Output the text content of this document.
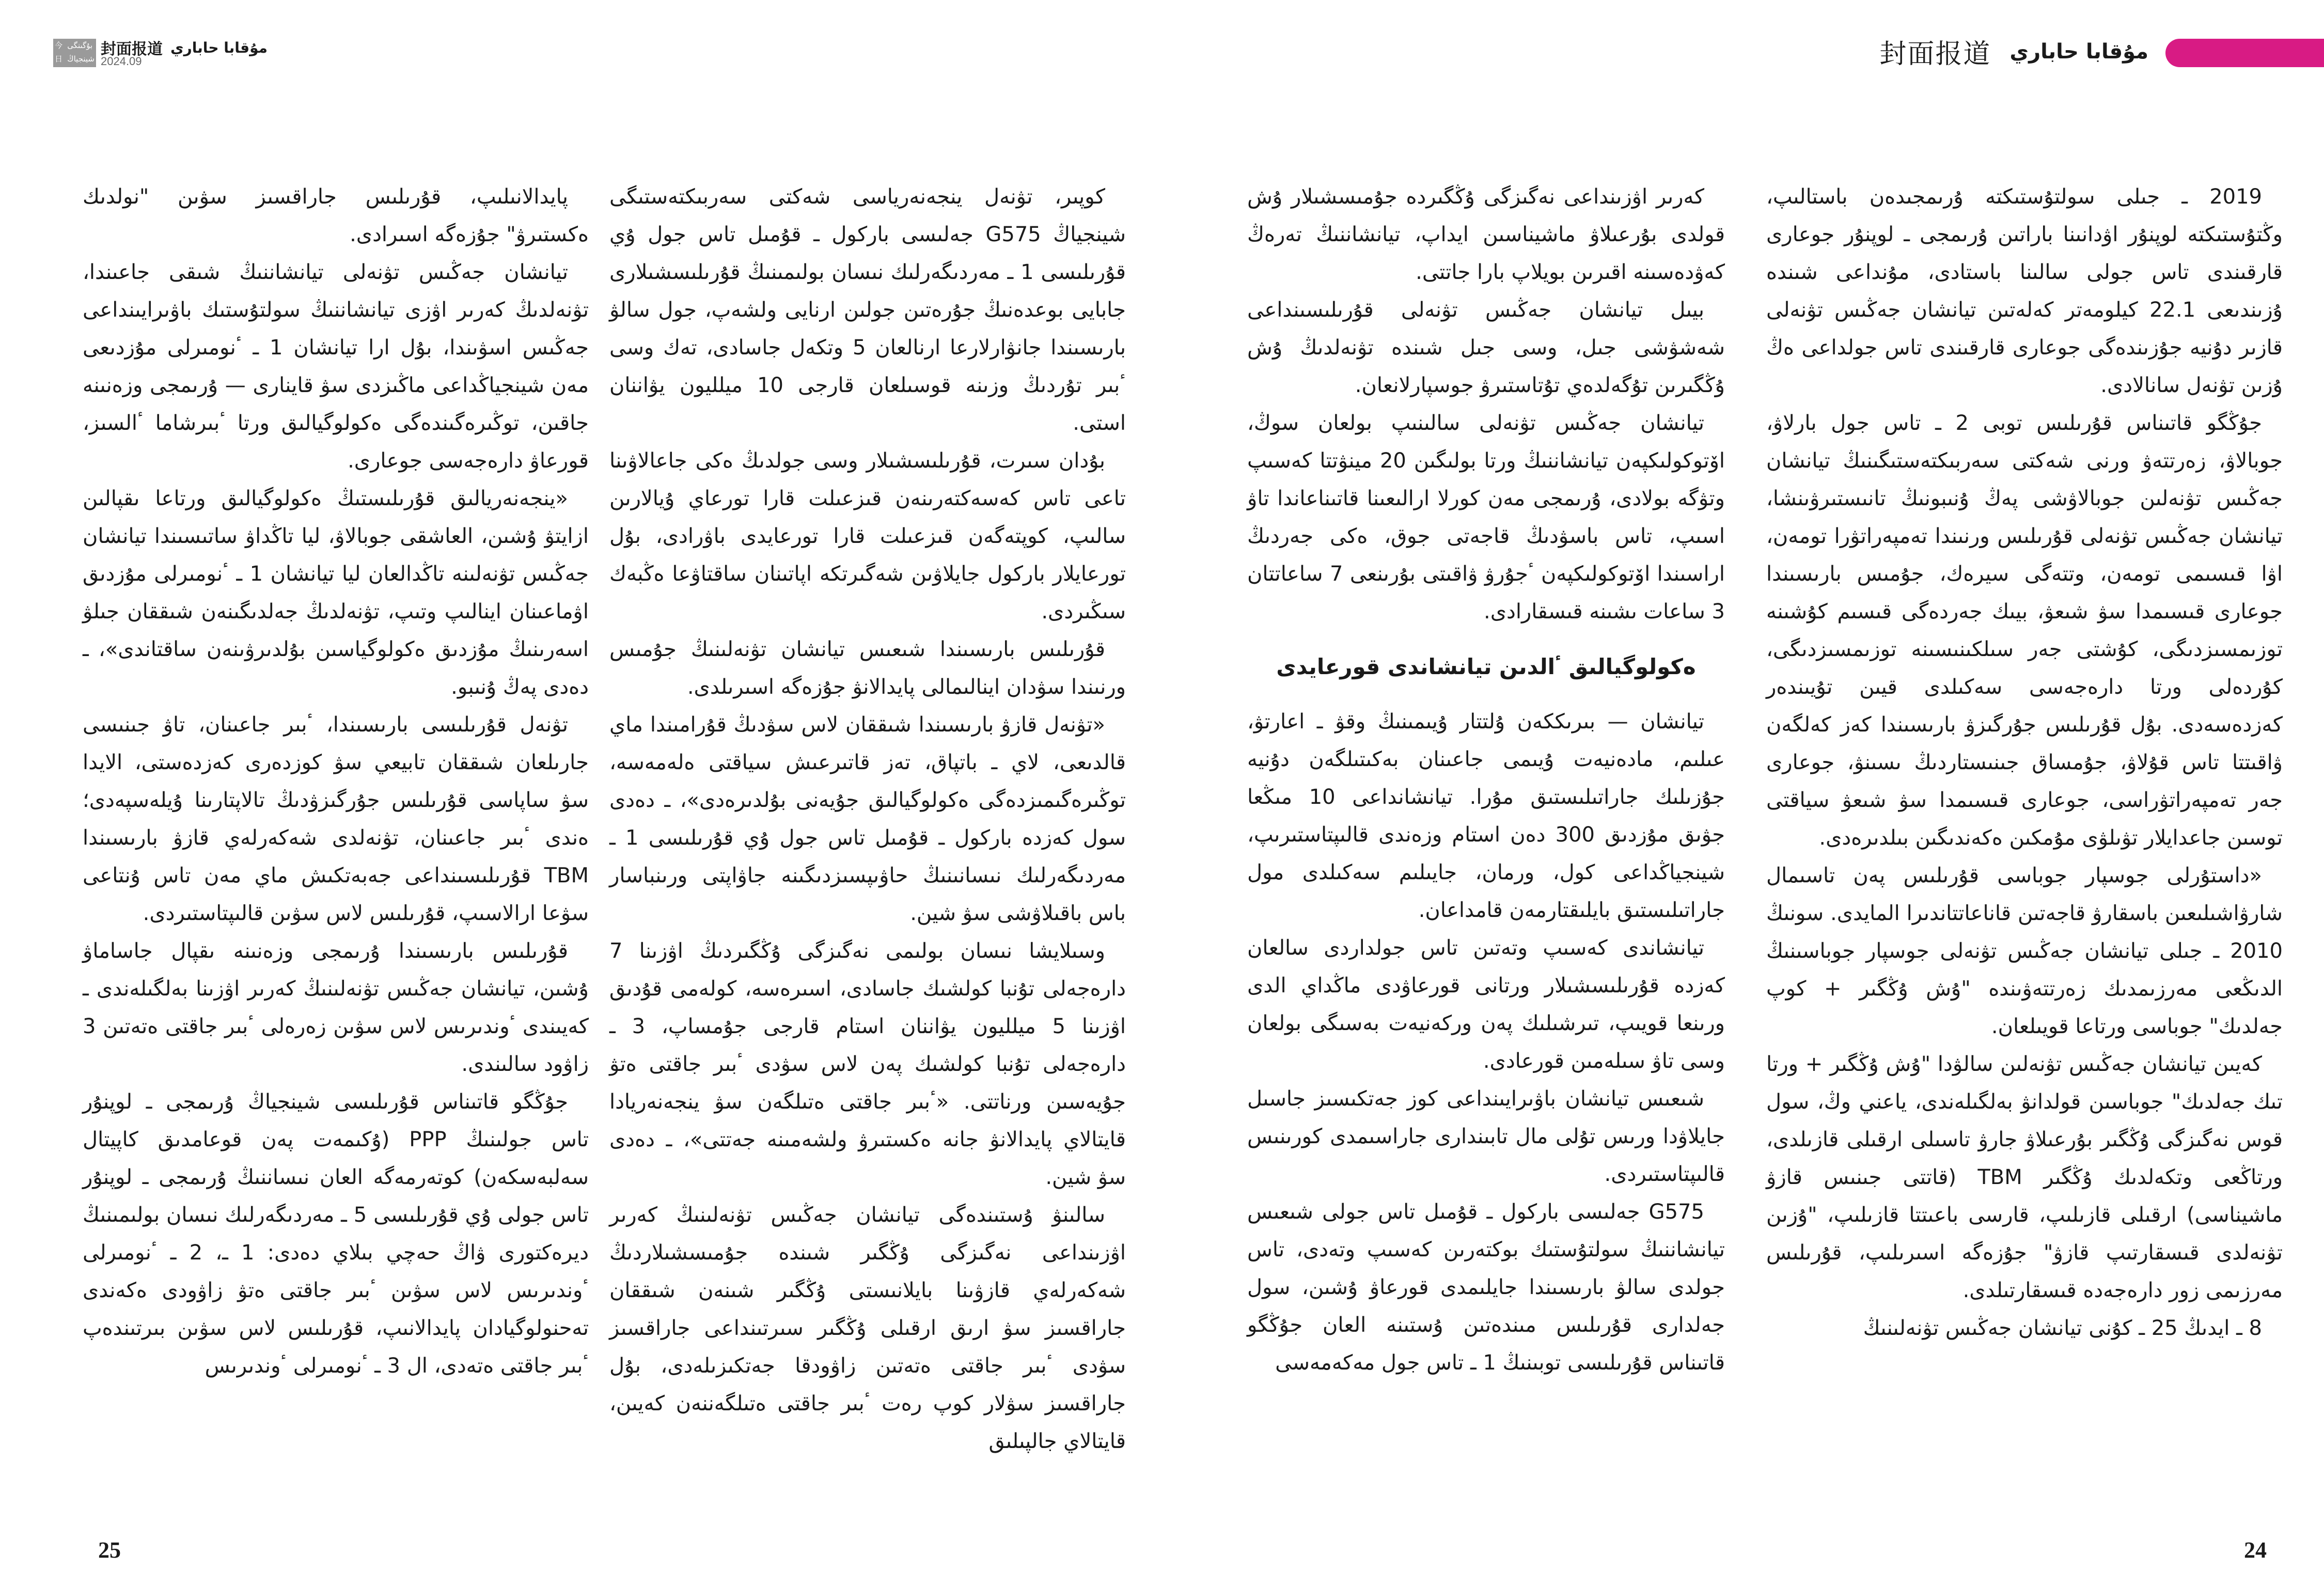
今日新疆
بۇگىنگى شينجياڭ
封面报道
2024.09
مۇقابا حاباري	封面报道 مۇقابا حاباري

2019 ـ جىلى سولتۇستىكتە ۇرىمجىدەن باستالىپ، وڭتۇستىكتە لوپنۇر اۋدانىنا باراتىن ۇرىمجى ـ لوپنۇر جوعارى قارقىندى تاس جولى سالىنا باستادى، مۇنداعى شىندە ۇزىندىعى 22.1 كيلومەتر كەلەتىن تيانشان جەڭىس تۋنەلى قازىر دۇنيە جۇزىندەگى جوعارى قارقىندى تاس جولداعى ەڭ ۇزىن تۋنەل سانالادى.

جۇڭگو قاتىناس قۇرىلىس توبى 2 ـ تاس جول بارلاۋ، جوبالاۋ، زەرتتەۋ ورنى شەكتى سەربىكتەستىگىنىڭ تيانشان جەڭىس تۋنەلىن جوبالاۋشى پەڭ ۇنىبونىڭ تانىستىرۋىنشا، تيانشان جەڭىس تۋنەلى قۇرىلىس ورنىندا تەمپەراتۋرا تومەن، اۋا قىسىمى تومەن، وتتەگى سيرەك، جۇمىس بارىسىندا جوعارى قىسىمدا سۋ شىعۋ، بيىك جەردەگى قىسىم كۇشىنە توزىمسىزدىگى، كۇشتى جەر سىلكىنىسىنە توزىمسىزدىگى، كۇردەلى ورتا دارەجەسى سەكىلدى قيىن تۇيىندەر كەزدەسەدى. بۇل قۇرىلىس جۇرگىزۋ بارىسىندا كەز كەلگەن ۋاقىتتا تاس قۇلاۋ، جۇمساق جىنىستاردىڭ ىسىنۋ، جوعارى جەر تەمپەراتۋراسى، جوعارى قىسىمدا سۋ شىعۋ سياقتى توسىن جاعدايلار تۋىلۋى مۇمكىن ەكەندىگىن بىلدىرەدى.

«داستۇرلى جوسپار جوباسى قۇرىلىس پەن تاسىمال شارۋاشىلىعىن باسقارۋ قاجەتىن قاناعاتتاندىرا المايدى. سونىڭ 2010 ـ جىلى تيانشان جەڭىس تۋنەلى جوسپار جوباسىنىڭ الدىڭعى مەرزىمدىك زەرتتەۋىندە "ۇش ۇڭگىر + كوپ جەلدىك" جوباسى ورتاعا قويىلعان.

كەيىن تيانشان جەڭىس تۋنەلىن سالۋدا "ۇش ۇڭگىر + ورتا تىك جەلدىك" جوباسىن قولدانۋ بەلگىلەندى، ياعني وڭ، سول قوس نەگىزگى ۇڭگىر بۇرعىلاۋ جارۋ تاسىلى ارقىلى قازىلدى، ورتاڭعى وتكەلدىك ۇڭگىر TBM (قاتتى جىنىس قازۋ ماشيناسى) ارقىلى قازىلىپ، قارسى باعىتتا قازىلىپ، "ۇزىن تۋنەلدى قىسقارتىپ قازۋ" جۇزەگە اسىرىلىپ، قۇرىلىس مەرزىمى زور دارەجەدە قىسقارتىلدى.

8 ـ ايدىڭ 25 ـ كۇنى تيانشان جەڭىس تۋنەلىنىڭ

كەرىر اۋزىنداعى نەگىزگى ۇڭگىردە جۇمىسشىلار ۇش قولدى بۇرعىلاۋ ماشيناسىن ايداپ، تيانشاننىڭ تەرەڭ كەۋدەسىنە اقىرىن بويلاپ بارا جاتتى.

بيىل تيانشان جەڭىس تۋنەلى قۇرىلىسىنداعى شەشۋشى جىل، وسى جىل شىندە تۋنەلدىڭ ۇش ۇڭگىرىن تۇگەلدەي تۇتاستىرۋ جوسپارلانعان.

تيانشان جەڭىس تۋنەلى سالىنىپ بولعان سوڭ، اۆتوكولىكپەن تيانشاننىڭ ورتا بولىگىن 20 مينۋتتا كەسىپ وتۋگە بولادى، ۇرىمجى مەن كورلا ارالىعىنا قاتىناعاندا تاۋ اسىپ، تاس باسۋدىڭ قاجەتى جوق، ەكى جەردىڭ اراسىندا اۆتوكولىكپەن ٴجۇرۋ ۋاقىتى بۇرىنعى 7 ساعاتتان 3 ساعات ىشىنە قىسقارادى.

ەكولوگيالىق ٴالدىن تيانشاندى قورعايدى

تيانشان — بىرىككەن ۇلتتار ۇيىمىنىڭ وقۋ ـ اعارتۋ، عىلىم، مادەنيەت ۇيىمى جاعىنان بەكىتىلگەن دۇنيە جۇزىلىك جاراتىلىستىق مۇرا. تيانشانداعى 10 مىڭعا جۋىق مۇزدىق 300 دەن استام وزەندى قالىپتاستىرىپ، شينجياڭداعى كول، ورمان، جايىلىم سەكىلدى مول جاراتىلىستىق بايلىقتارمەن قامداعان.

تيانشاندى كەسىپ وتەتىن تاس جولداردى سالعان كەزدە قۇرىلىسشىلار ورتانى قورعاۋدى ماڭداي الدى ورىنعا قويىپ، تىرشىلىك پەن وركەنيەت بەسىگى بولعان وسى تاۋ سىلەمىن قورعادى.

شىعىس تيانشان باۋىرايىنداعى كوز جەتكىسىز جاسىل جايلاۋدا ورىس تۇلى مال تابىندارى جاراسىمدى كورىنىس قالىپتاستىردى.

G575 جەلىسى باركول ـ قۇمىل تاس جولى شىعىس تيانشاننىڭ سولتۇستىك بوكتەرىن كەسىپ وتەدى، تاس جولدى سالۋ بارىسىندا جايلىمدى قورعاۋ ۇشىن، سول جەلدارى قۇرىلىس مىندەتىن ۇستىنە العان جۇڭگو قاتىناس قۇرىلىسى توبىنىڭ 1 ـ تاس جول مەكەمەسى

كوپىر، تۋنەل ينجەنەرياسى شەكتى سەربىكتەستىگى شينجياڭ G575 جەلىسى باركول ـ قۇمىل تاس جول ۇي قۇرىلىسى 1 ـ مەردىگەرلىك نىسان بولىمىنىڭ قۇرىلىسشىلارى جابايى بوعدەنىڭ جۇرەتىن جولىن ارنايى ولشەپ، جول سالۋ بارىسىندا جانۋارلارعا ارنالعان 5 وتكەل جاسادى، تەك وسى ٴبىر تۇردىڭ وزىنە قوسىلعان قارجى 10 ميلليون يۋاننان استى.

بۇدان سىرت، قۇرىلىسشىلار وسى جولدىڭ ەكى جاعالاۋىنا تاعى تاس كەسەكتەرىنەن قىزعىلت قارا تورعاي ۇيالارىن سالىپ، كوپتەگەن قىزعىلت قارا تورعايدى باۋرادى، بۇل تورعايلار باركول جايلاۋىن شەگىرتكە اپاتىنان ساقتاۋعا ەڭبەك سىڭىردى.

قۇرىلىس بارىسىندا شىعىس تيانشان تۋنەلىنىڭ جۇمىس ورنىندا سۋدان اينالىمالى پايدالانۋ جۇزەگە اسىرىلدى.

«تۋنەل قازۋ بارىسىندا شىققان لاس سۋدىڭ قۇرامىندا ماي قالدىعى، لاي ـ باتپاق، تەز قاتىرعىش سياقتى ەلەمەسە، توڭىرەگىمىزدەگى ەكولوگيالىق جۇيەنى بۇلدىرەدى»، ـ دەدى سول كەزدە باركول ـ قۇمىل تاس جول ۇي قۇرىلىسى 1 ـ مەردىگەرلىك نىسانىنىڭ حاۋىپسىزدىگىنە جاۋاپتى ورىنباسار باس باقىلاۋشى سۋ شين.

وسىلايشا نىسان بولىمى نەگىزگى ۇڭگىردىڭ اۋزىنا 7 دارەجەلى تۇنبا كولشىك جاسادى، اسىرەسە، كولەمى قۇدىق اۋزىنا 5 ميلليون يۋاننان استام قارجى جۇمساپ، 3 ـ دارەجەلى تۇنبا كولشىك پەن لاس سۋدى ٴبىر جاقتى ەتۋ جۇيەسىن ورناتتى. «ٴبىر جاقتى ەتىلگەن سۋ ينجەنەريادا قايتالاي پايدالانۋ جانە ەكستىرۋ ولشەمىنە جەتتى»، ـ دەدى سۋ شين.

سالىنۋ ۇستىندەگى تيانشان جەڭىس تۋنەلىنىڭ كەرىر اۋزىنداعى نەگىزگى ۇڭگىر شىندە جۇمىسشىلاردىڭ شەكەرلەي قازۋىنا بايلانىستى ۇڭگىر شىنەن شىققان جاراقسىز سۋ ارىق ارقىلى ۇڭگىر سىرتىنداعى جاراقسىز سۋدى ٴبىر جاقتى ەتەتىن زاۋودقا جەتكىزىلەدى، بۇل جاراقسىز سۋلار كوپ رەت ٴبىر جاقتى ەتىلگەننەن كەيىن، قايتالاي جالپىلىق

پايدالانىلىپ، قۇرىلىس جاراقسىز سۋىن "نولدىك ەكستىرۋ" جۇزەگە اسىرادى.

تيانشان جەڭىس تۋنەلى تيانشاننىڭ شىقى جاعىندا، تۋنەلدىڭ كەرىر اۋزى تيانشاننىڭ سولتۇستىك باۋىرايىنداعى جەڭىس اسۋىندا، بۇل ارا تيانشان 1 ـ ٴنومىرلى مۇزدىعى مەن شينجياڭداعى ماڭىزدى سۋ قاينارى — ۇرىمجى وزەنىنە جاقىن، توڭىرەگىندەگى ەكولوگيالىق ورتا ٴبىرشاما ٴالسىز، قورعاۋ دارەجەسى جوعارى.

«ينجەنەريالىق قۇرىلىستىڭ ەكولوگيالىق ورتاعا ىقپالىن ازايتۋ ۇشىن، العاشقى جوبالاۋ، ليا تاڭداۋ ساتىسىندا تيانشان جەڭىس تۋنەلىنە تاڭدالعان ليا تيانشان 1 ـ ٴنومىرلى مۇزدىق اۋماعىنان اينالىپ وتىپ، تۋنەلدىڭ جەلدىگىنەن شىققان جىلۋ اسەرىنىڭ مۇزدىق ەكولوگياسىن بۇلدىرۋىنەن ساقتاندى»، ـ دەدى پەڭ ۇنىبو.

تۋنەل قۇرىلىسى بارىسىندا، ٴبىر جاعىنان، تاۋ جىنىسى جارىلعان شىققان تابيعي سۋ كوزدەرى كەزدەستى، الايدا سۋ ساپاسى قۇرىلىس جۇرگىزۋدىڭ تالاپتارىنا ۇيلەسپەدى؛ ەندى ٴبىر جاعىنان، تۋنەلدى شەكەرلەي قازۋ بارىسىندا TBM قۇرىلىسىنداعى جەبەتكىش ماي مەن تاس ۇنتاعى سۋعا ارالاسىپ، قۇرىلىس لاس سۋىن قالىپتاستىردى.

قۇرىلىس بارىسىندا ۇرىمجى وزەنىنە ىقپال جاساماۋ ۇشىن، تيانشان جەڭىس تۋنەلىنىڭ كەرىر اۋزىنا بەلگىلەندى ـ كەيىندى ٴوندىرىس لاس سۋىن زەرەلى ٴبىر جاقتى ەتەتىن 3 زاۋود سالىندى.

جۇڭگو قاتىناس قۇرىلىسى شينجياڭ ۇرىمجى ـ لوپنۇر تاس جولىنىڭ PPP (ۇكىمەت پەن قوعامدىق كاپيتال سەلبەسكەن) كوتەرمەگە العان نىساننىڭ ۇرىمجى ـ لوپنۇر تاس جولى ۇي قۇرىلىسى 5 ـ مەردىگەرلىك نىسان بولىمىنىڭ ديرەكتورى ۋاڭ حەچي بىلاي دەدى: 1 ـ، 2 ـ ٴنومىرلى ٴوندىرىس لاس سۋىن ٴبىر جاقتى ەتۋ زاۋودى ەكەندى تەحنولوگيادان پايدالانىپ، قۇرىلىس لاس سۋىن بىرتىندەپ ٴبىر جاقتى ەتەدى، ال 3 ـ ٴنومىرلى ٴوندىرىس

25	24
